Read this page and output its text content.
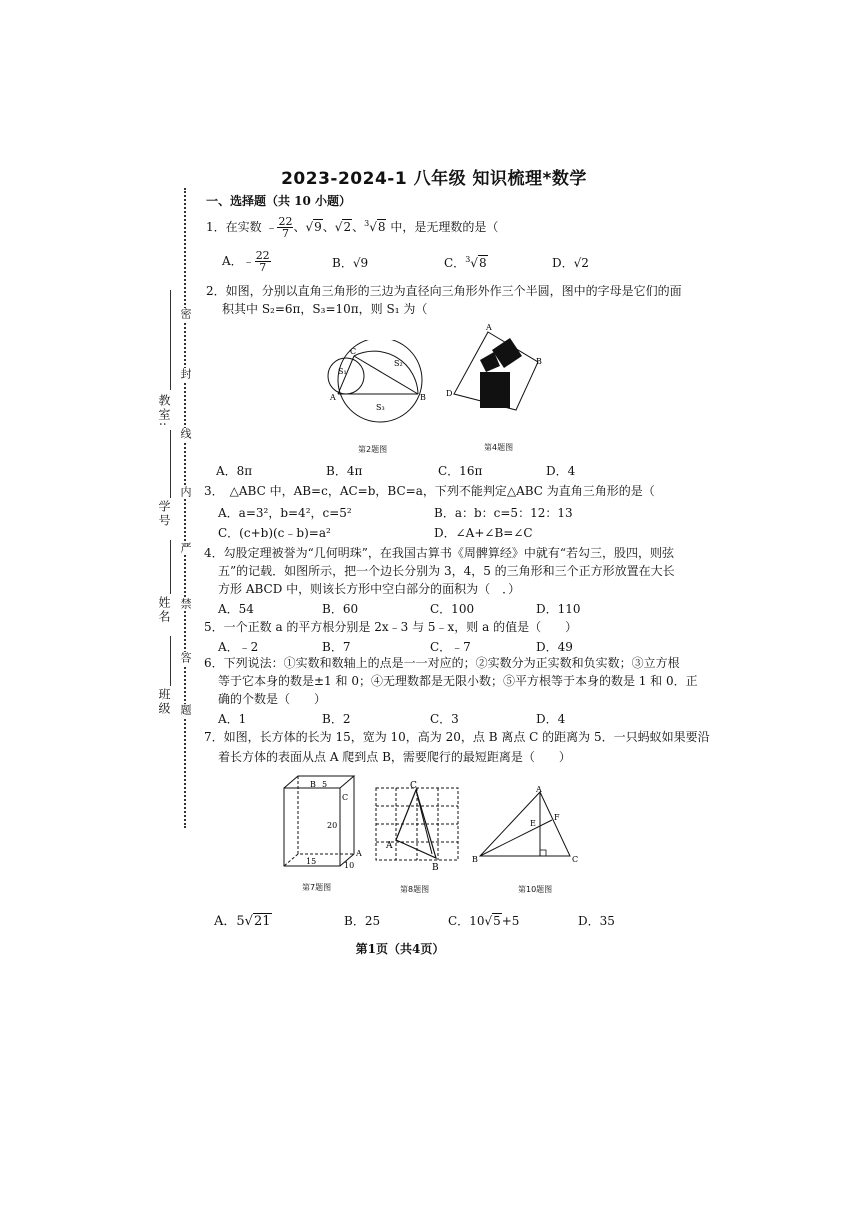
2023-2024-1 八年级 知识梳理*数学
教室:
学号
姓名
班级
密
封
线
内
严
禁
答
题
一、选择题（共 10 小题）
1．在实数 ﹣ $\frac{22}{7}$ 、√9、√2、$^3$√8 中，是无理数的是（
A．﹣ $\frac{22}{7}$	B．√9	C．$^3$√8	D．√2
2．如图，分别以直角三角形的三边为直径向三角形外作三个半圆，图中的字母是它们的面
积其中 S₂=6π，S₃=10π，则 S₁ 为（
C
A	B
S₁
S₂
S₃
第2题图
A
B
D
第4题图
A．8π	B．4π	C．16π	D．4
3．　△ABC 中，AB=c，AC=b，BC=a，下列不能判定△ABC 为直角三角形的是（
A．a=3²，b=4²，c=5²	B．a：b：c=5：12：13
C．(c+b)(c﹣b)=a²	D．∠A+∠B=∠C
4．勾股定理被誉为“几何明珠”，在我国古算书《周髀算经》中就有“若勾三，股四，则弦
五”的记载．如图所示，把一个边长分别为 3，4，5 的三角形和三个正方形放置在大长
方形 ABCD 中，则该长方形中空白部分的面积为（　．）
A．54	B．60	C．100	D．110
5．一个正数 a 的平方根分别是 2x﹣3 与 5﹣x，则 a 的值是（　　）
A．﹣2	B．7	C．﹣7	D．49
6．下列说法：①实数和数轴上的点是一一对应的；②实数分为正实数和负实数；③立方根
等于它本身的数是±1 和 0；④无理数都是无限小数；⑤平方根等于本身的数是 1 和 0．正
确的个数是（　　）
A．1	B．2	C．3	D．4
7．如图，长方体的长为 15，宽为 10，高为 20，点 B 离点 C 的距离为 5．一只蚂蚁如果要沿
着长方体的表面从点 A 爬到点 B，需要爬行的最短距离是（　　）
B 5
C
20
15	10
A
第7题图
C
A
B
第8题图
A
E
F
B	C
第10题图
A．5√21	B．25	C．10√5+5	D．35
第1页（共4页）
